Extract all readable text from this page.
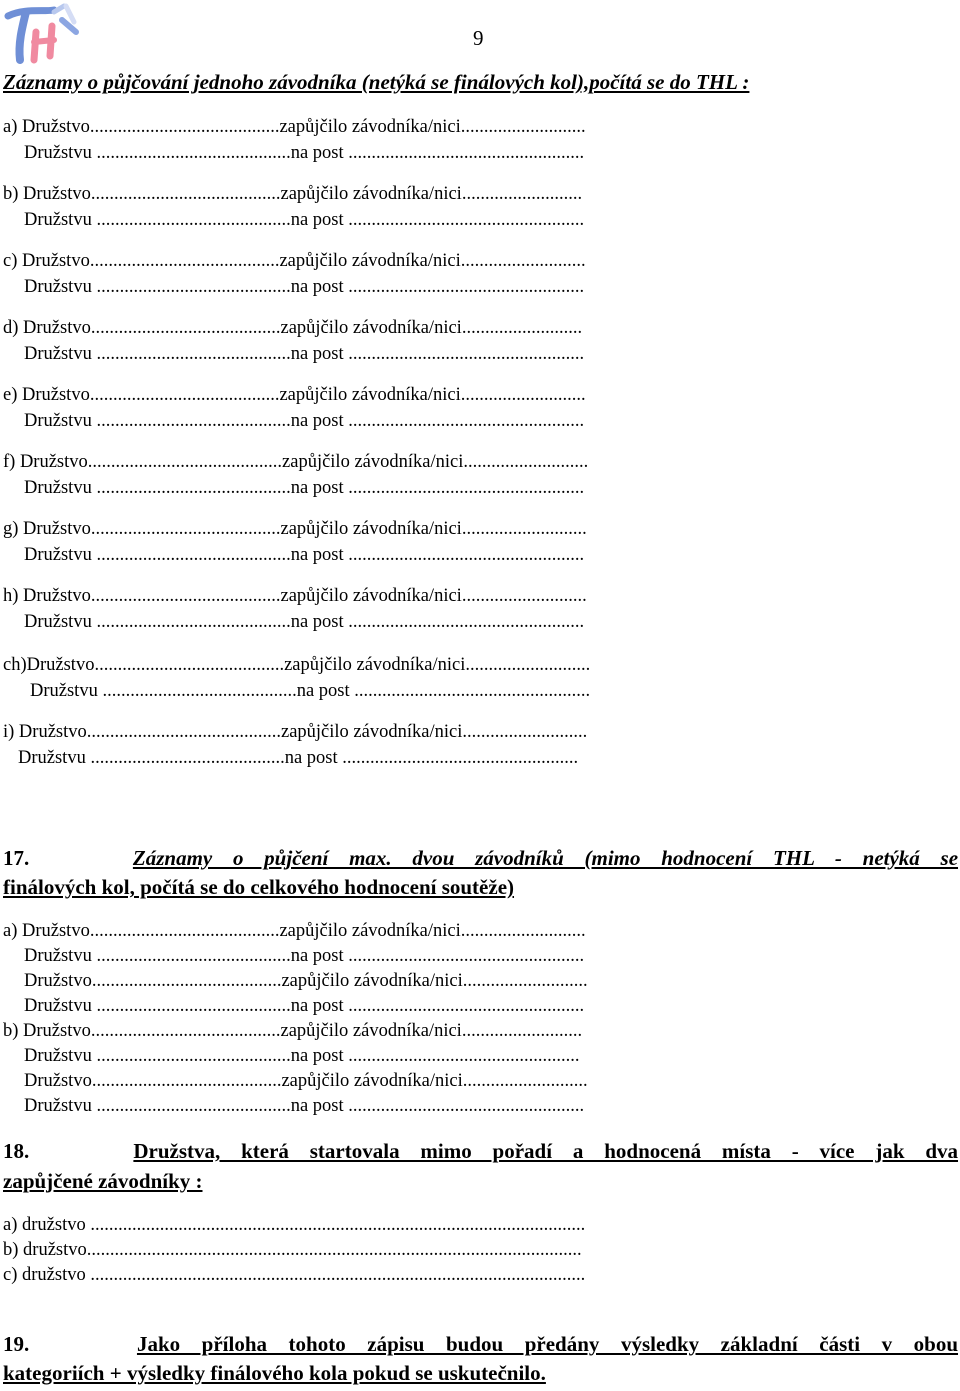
9
Záznamy o půjčování jednoho závodníka (netýká se finálových kol),počítá se do THL :
a) Družstvo.........................................zapůjčilo závodníka/nici...........................
Družstvu ..........................................na post ...................................................
b) Družstvo.........................................zapůjčilo závodníka/nici..........................
Družstvu ..........................................na post ...................................................
c) Družstvo.........................................zapůjčilo závodníka/nici...........................
Družstvu ..........................................na post ...................................................
d) Družstvo.........................................zapůjčilo závodníka/nici..........................
Družstvu ..........................................na post ...................................................
e) Družstvo.........................................zapůjčilo závodníka/nici...........................
Družstvu ..........................................na post ...................................................
f) Družstvo..........................................zapůjčilo závodníka/nici...........................
Družstvu ..........................................na post ...................................................
g) Družstvo.........................................zapůjčilo závodníka/nici...........................
Družstvu ..........................................na post ...................................................
h) Družstvo.........................................zapůjčilo závodníka/nici...........................
Družstvu ..........................................na post ...................................................
ch)Družstvo.........................................zapůjčilo závodníka/nici...........................
Družstvu ..........................................na post ...................................................
i) Družstvo..........................................zapůjčilo závodníka/nici...........................
Družstvu ..........................................na post ...................................................
17.	Záznamy o půjčení max. dvou závodníků (mimo hodnocení THL - netýká se
finálových kol, počítá se do celkového hodnocení soutěže)
a) Družstvo.........................................zapůjčilo závodníka/nici...........................
Družstvu ..........................................na post ...................................................
Družstvo.........................................zapůjčilo závodníka/nici...........................
Družstvu ..........................................na post ...................................................
b) Družstvo.........................................zapůjčilo závodníka/nici..........................
Družstvu ..........................................na post ..................................................
Družstvo.........................................zapůjčilo závodníka/nici...........................
Družstvu ..........................................na post ...................................................
18.	Družstva, která startovala mimo pořadí a hodnocená místa - více jak dva
zapůjčené závodníky :
a) družstvo ...........................................................................................................
b) družstvo...........................................................................................................
c) družstvo ...........................................................................................................
19.	Jako příloha tohoto zápisu budou předány výsledky základní části v obou
kategoriích + výsledky finálového kola pokud se uskutečnilo.
